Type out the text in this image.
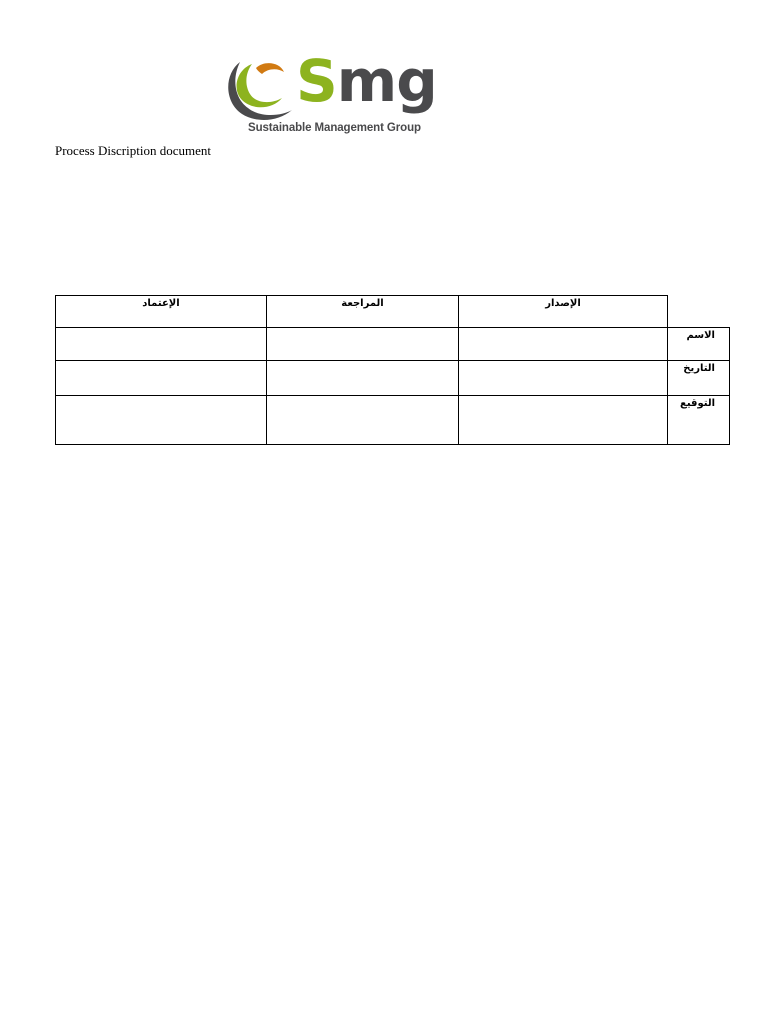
Smg
Sustainable Management Group
Process Discription document
الإعتماد	المراجعة	الإصدار	
			الاسم
			التاريخ
			التوقيع
